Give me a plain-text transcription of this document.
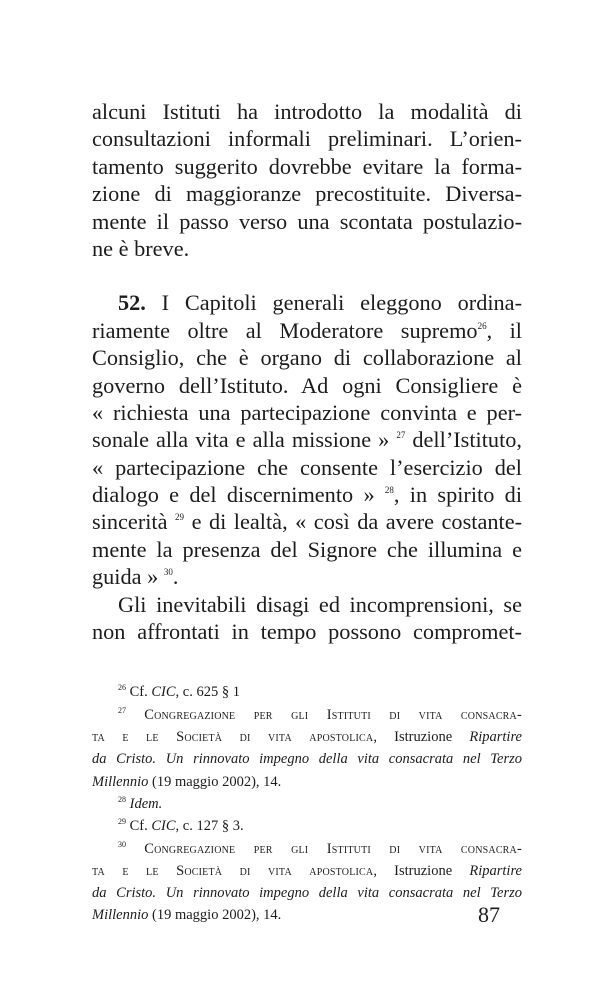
alcuni Istituti ha introdotto la modalità di
consultazioni informali preliminari. L’orien-
tamento suggerito dovrebbe evitare la forma-
zione di maggioranze precostituite. Diversa-
mente il passo verso una scontata postulazio-
ne è breve.
52. I Capitoli generali eleggono ordina-
riamente oltre al Moderatore supremo$^{26}$, il
Consiglio, che è organo di collaborazione al
governo dell’Istituto. Ad ogni Consigliere è
« richiesta una partecipazione convinta e per-
sonale alla vita e alla missione » $^{27}$ dell’Istituto,
« partecipazione che consente l’esercizio del
dialogo e del discernimento » $^{28}$, in spirito di
sincerità $^{29}$ e di lealtà, « così da avere costante-
mente la presenza del Signore che illumina e
guida » $^{30}$.
Gli inevitabili disagi ed incomprensioni, se
non affrontati in tempo possono compromet-
$^{26}$ Cf. CIC, c. 625 § 1
$^{27}$ Congregazione per gli Istituti di vita consacra-
ta e le Società di vita apostolica, Istruzione Ripartire
da Cristo. Un rinnovato impegno della vita consacrata nel Terzo
Millennio (19 maggio 2002), 14.
$^{28}$ Idem.
$^{29}$ Cf. CIC, c. 127 § 3.
$^{30}$ Congregazione per gli Istituti di vita consacra-
ta e le Società di vita apostolica, Istruzione Ripartire
da Cristo. Un rinnovato impegno della vita consacrata nel Terzo
Millennio (19 maggio 2002), 14.	87
